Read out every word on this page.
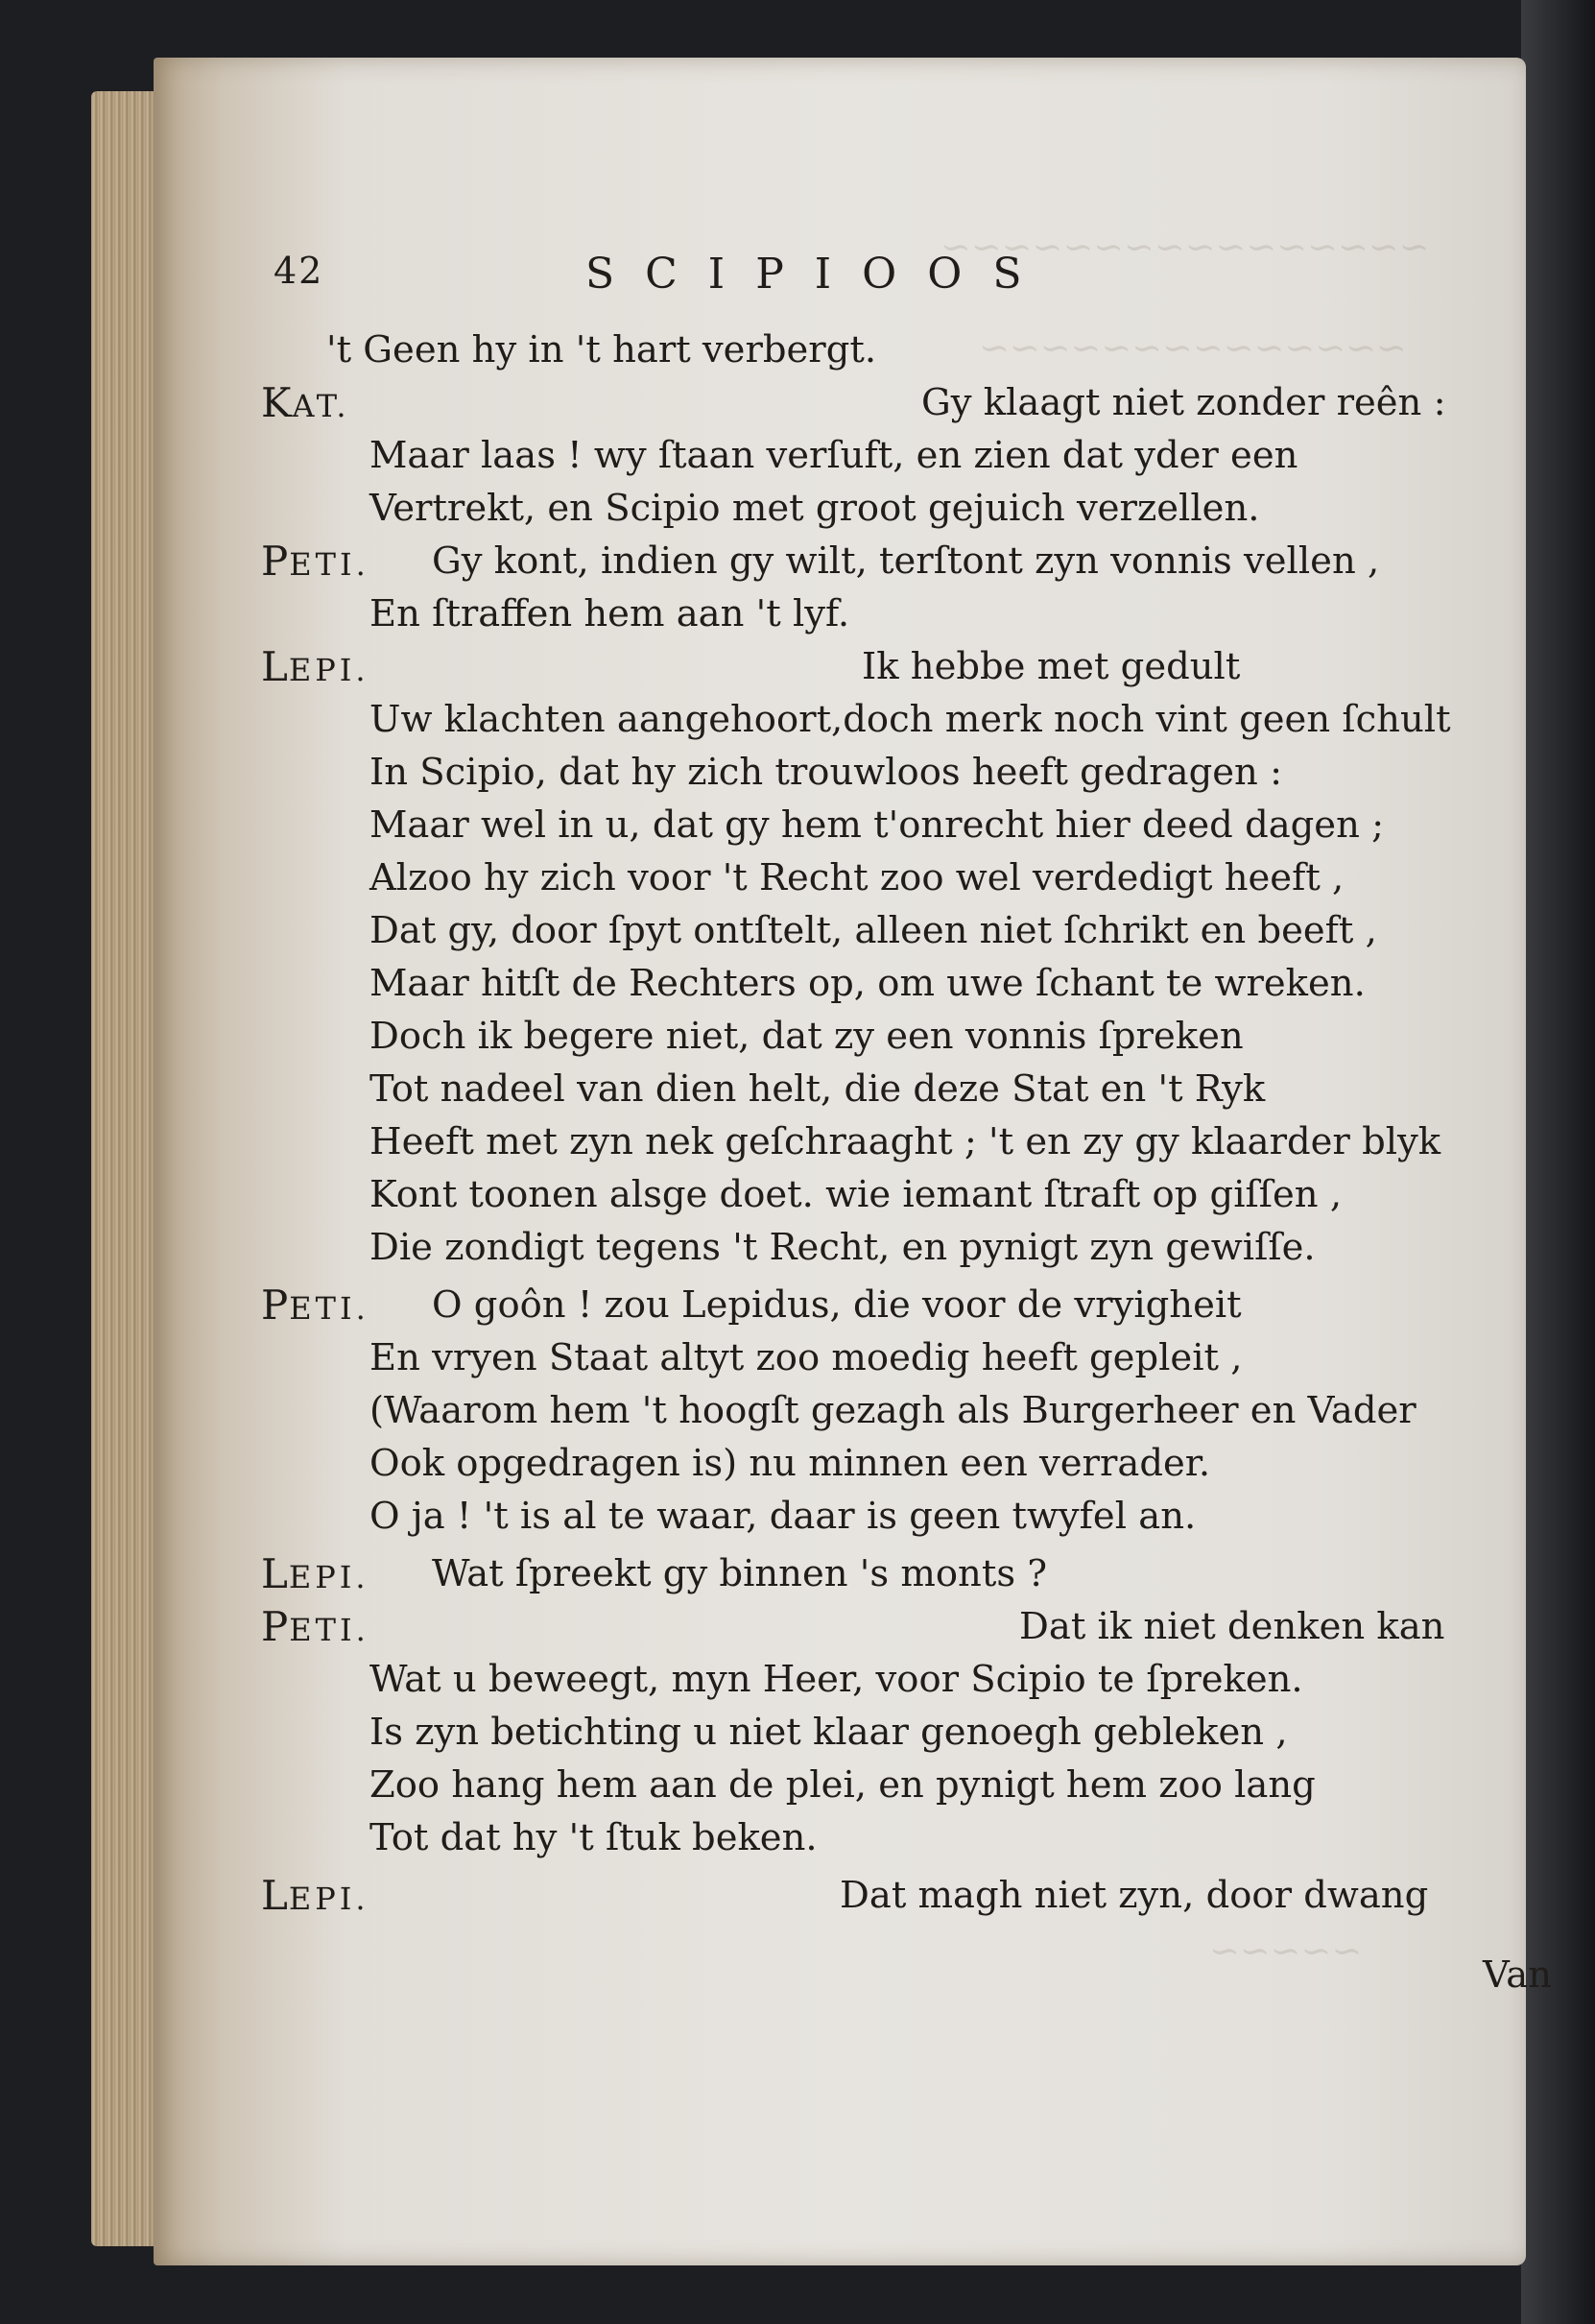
~~~~~~~~~~~~~~~~
~~~~~~~~~~~~~~
~~~~~
42	SCIPIOOS
't Geen hy in 't hart verbergt.
KAT.	Gy klaagt niet zonder reên :
Maar laas ! wy ſtaan verſuft, en zien dat yder een
Vertrekt, en Scipio met groot gejuich verzellen.
PETI. Gy kont, indien gy wilt, terſtont zyn vonnis vellen ,
En ſtraffen hem aan 't lyf.
LEPI.	Ik hebbe met gedult
Uw klachten aangehoort,doch merk noch vint geen ſchult
In Scipio, dat hy zich trouwloos heeft gedragen :
Maar wel in u, dat gy hem t'onrecht hier deed dagen ;
Alzoo hy zich voor 't Recht zoo wel verdedigt heeft ,
Dat gy, door ſpyt ontſtelt, alleen niet ſchrikt en beeft ,
Maar hitſt de Rechters op, om uwe ſchant te wreken.
Doch ik begere niet, dat zy een vonnis ſpreken
Tot nadeel van dien helt, die deze Stat en 't Ryk
Heeft met zyn nek geſchraaght ; 't en zy gy klaarder blyk
Kont toonen alsge doet. wie iemant ſtraft op giſſen ,
Die zondigt tegens 't Recht, en pynigt zyn gewiſſe.
PETI. O goôn ! zou Lepidus, die voor de vryigheit
En vryen Staat altyt zoo moedig heeft gepleit ,
(Waarom hem 't hoogſt gezagh als Burgerheer en Vader
Ook opgedragen is) nu minnen een verrader.
O ja ! 't is al te waar, daar is geen twyfel an.
LEPI. Wat ſpreekt gy binnen 's monts ?
PETI.	Dat ik niet denken kan
Wat u beweegt, myn Heer, voor Scipio te ſpreken.
Is zyn betichting u niet klaar genoegh gebleken ,
Zoo hang hem aan de plei, en pynigt hem zoo lang
Tot dat hy 't ſtuk beken.
LEPI.	Dat magh niet zyn, door dwang
Van
